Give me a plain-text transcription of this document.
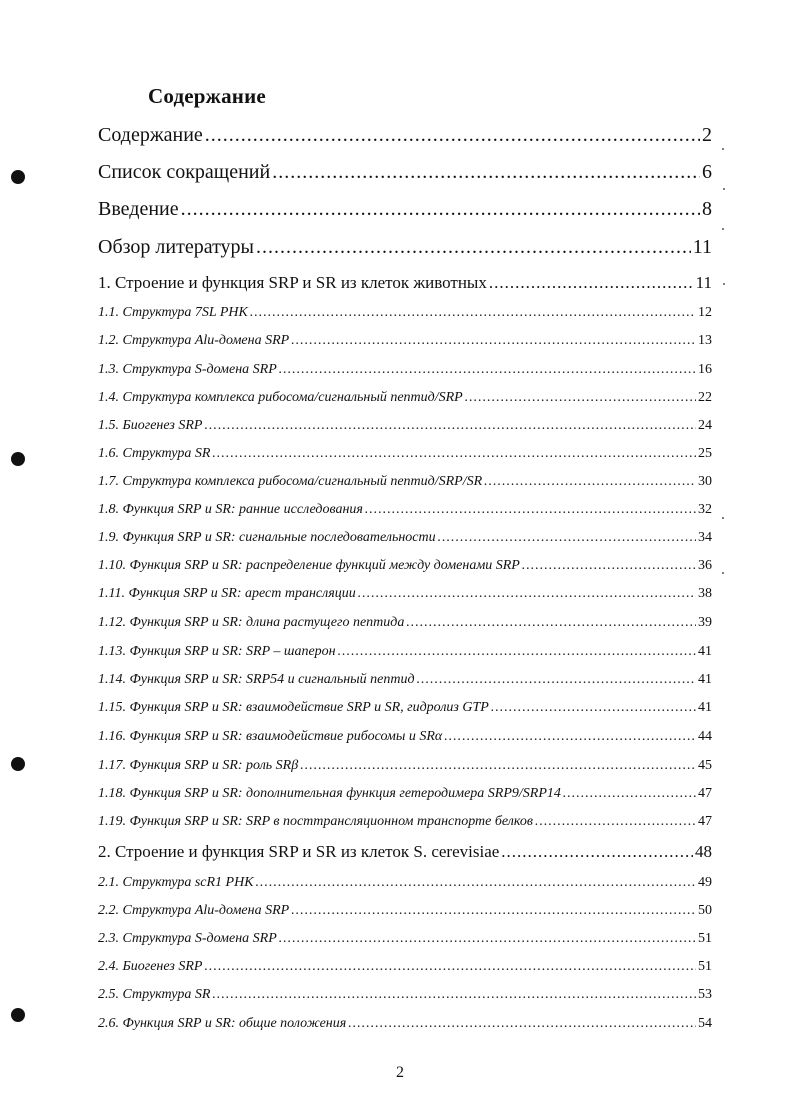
Содержание
Содержание .....	2
Список сокращений .....	6
Введение .....	8
Обзор литературы .....	11
1. Строение и функция SRP и SR из клеток животных .....	11
1.1. Структура 7SL РНК .....	12
1.2. Структура Alu-домена SRP .....	13
1.3. Структура S-домена SRP .....	16
1.4. Структура комплекса рибосома/сигнальный пептид/SRP .....	22
1.5. Биогенез SRP .....	24
1.6. Структура SR .....	25
1.7. Структура комплекса рибосома/сигнальный пептид/SRP/SR .....	30
1.8. Функция SRP и SR: ранние исследования .....	32
1.9. Функция SRP и SR: сигнальные последовательности .....	34
1.10. Функция SRP и SR: распределение функций между доменами SRP .....	36
1.11. Функция SRP и SR: арест трансляции .....	38
1.12. Функция SRP и SR: длина растущего пептида .....	39
1.13. Функция SRP и SR: SRP – шаперон .....	41
1.14. Функция SRP и SR: SRP54 и сигнальный пептид .....	41
1.15. Функция SRP и SR: взаимодействие SRP и SR, гидролиз GTP .....	41
1.16. Функция SRP и SR: взаимодействие рибосомы и SRα .....	44
1.17. Функция SRP и SR: роль SRβ .....	45
1.18. Функция SRP и SR: дополнительная функция гетеродимера SRP9/SRP14 .....	47
1.19. Функция SRP и SR: SRP в посттрансляционном транспорте белков .....	47
2. Строение и функция SRP и SR из клеток S. cerevisiae .....	48
2.1. Структура scR1 РНК .....	49
2.2. Структура Alu-домена SRP .....	50
2.3. Структура S-домена SRP .....	51
2.4. Биогенез SRP .....	51
2.5. Структура SR .....	53
2.6. Функция SRP и SR: общие положения .....	54
2
